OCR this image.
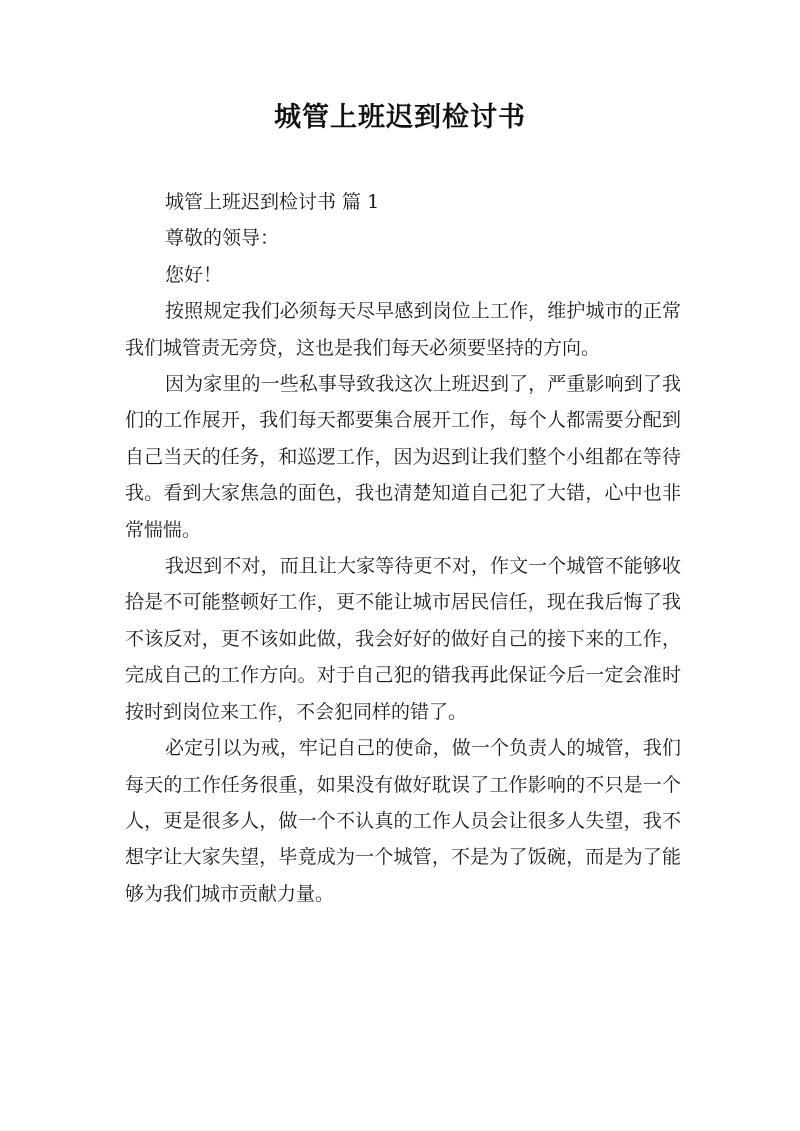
城管上班迟到检讨书

城管上班迟到检讨书 篇 1

尊敬的领导：

您好！

按照规定我们必须每天尽早感到岗位上工作，维护城市的正常我们城管责无旁贷，这也是我们每天必须要坚持的方向。

因为家里的一些私事导致我这次上班迟到了，严重影响到了我们的工作展开，我们每天都要集合展开工作，每个人都需要分配到自己当天的任务，和巡逻工作，因为迟到让我们整个小组都在等待我。看到大家焦急的面色，我也清楚知道自己犯了大错，心中也非常惴惴。

我迟到不对，而且让大家等待更不对，作文一个城管不能够收拾是不可能整顿好工作，更不能让城市居民信任，现在我后悔了我不该反对，更不该如此做，我会好好的做好自己的接下来的工作，完成自己的工作方向。对于自己犯的错我再此保证今后一定会准时按时到岗位来工作，不会犯同样的错了。

必定引以为戒，牢记自己的使命，做一个负责人的城管，我们每天的工作任务很重，如果没有做好耽误了工作影响的不只是一个人，更是很多人，做一个不认真的工作人员会让很多人失望，我不想字让大家失望，毕竟成为一个城管，不是为了饭碗，而是为了能够为我们城市贡献力量。
